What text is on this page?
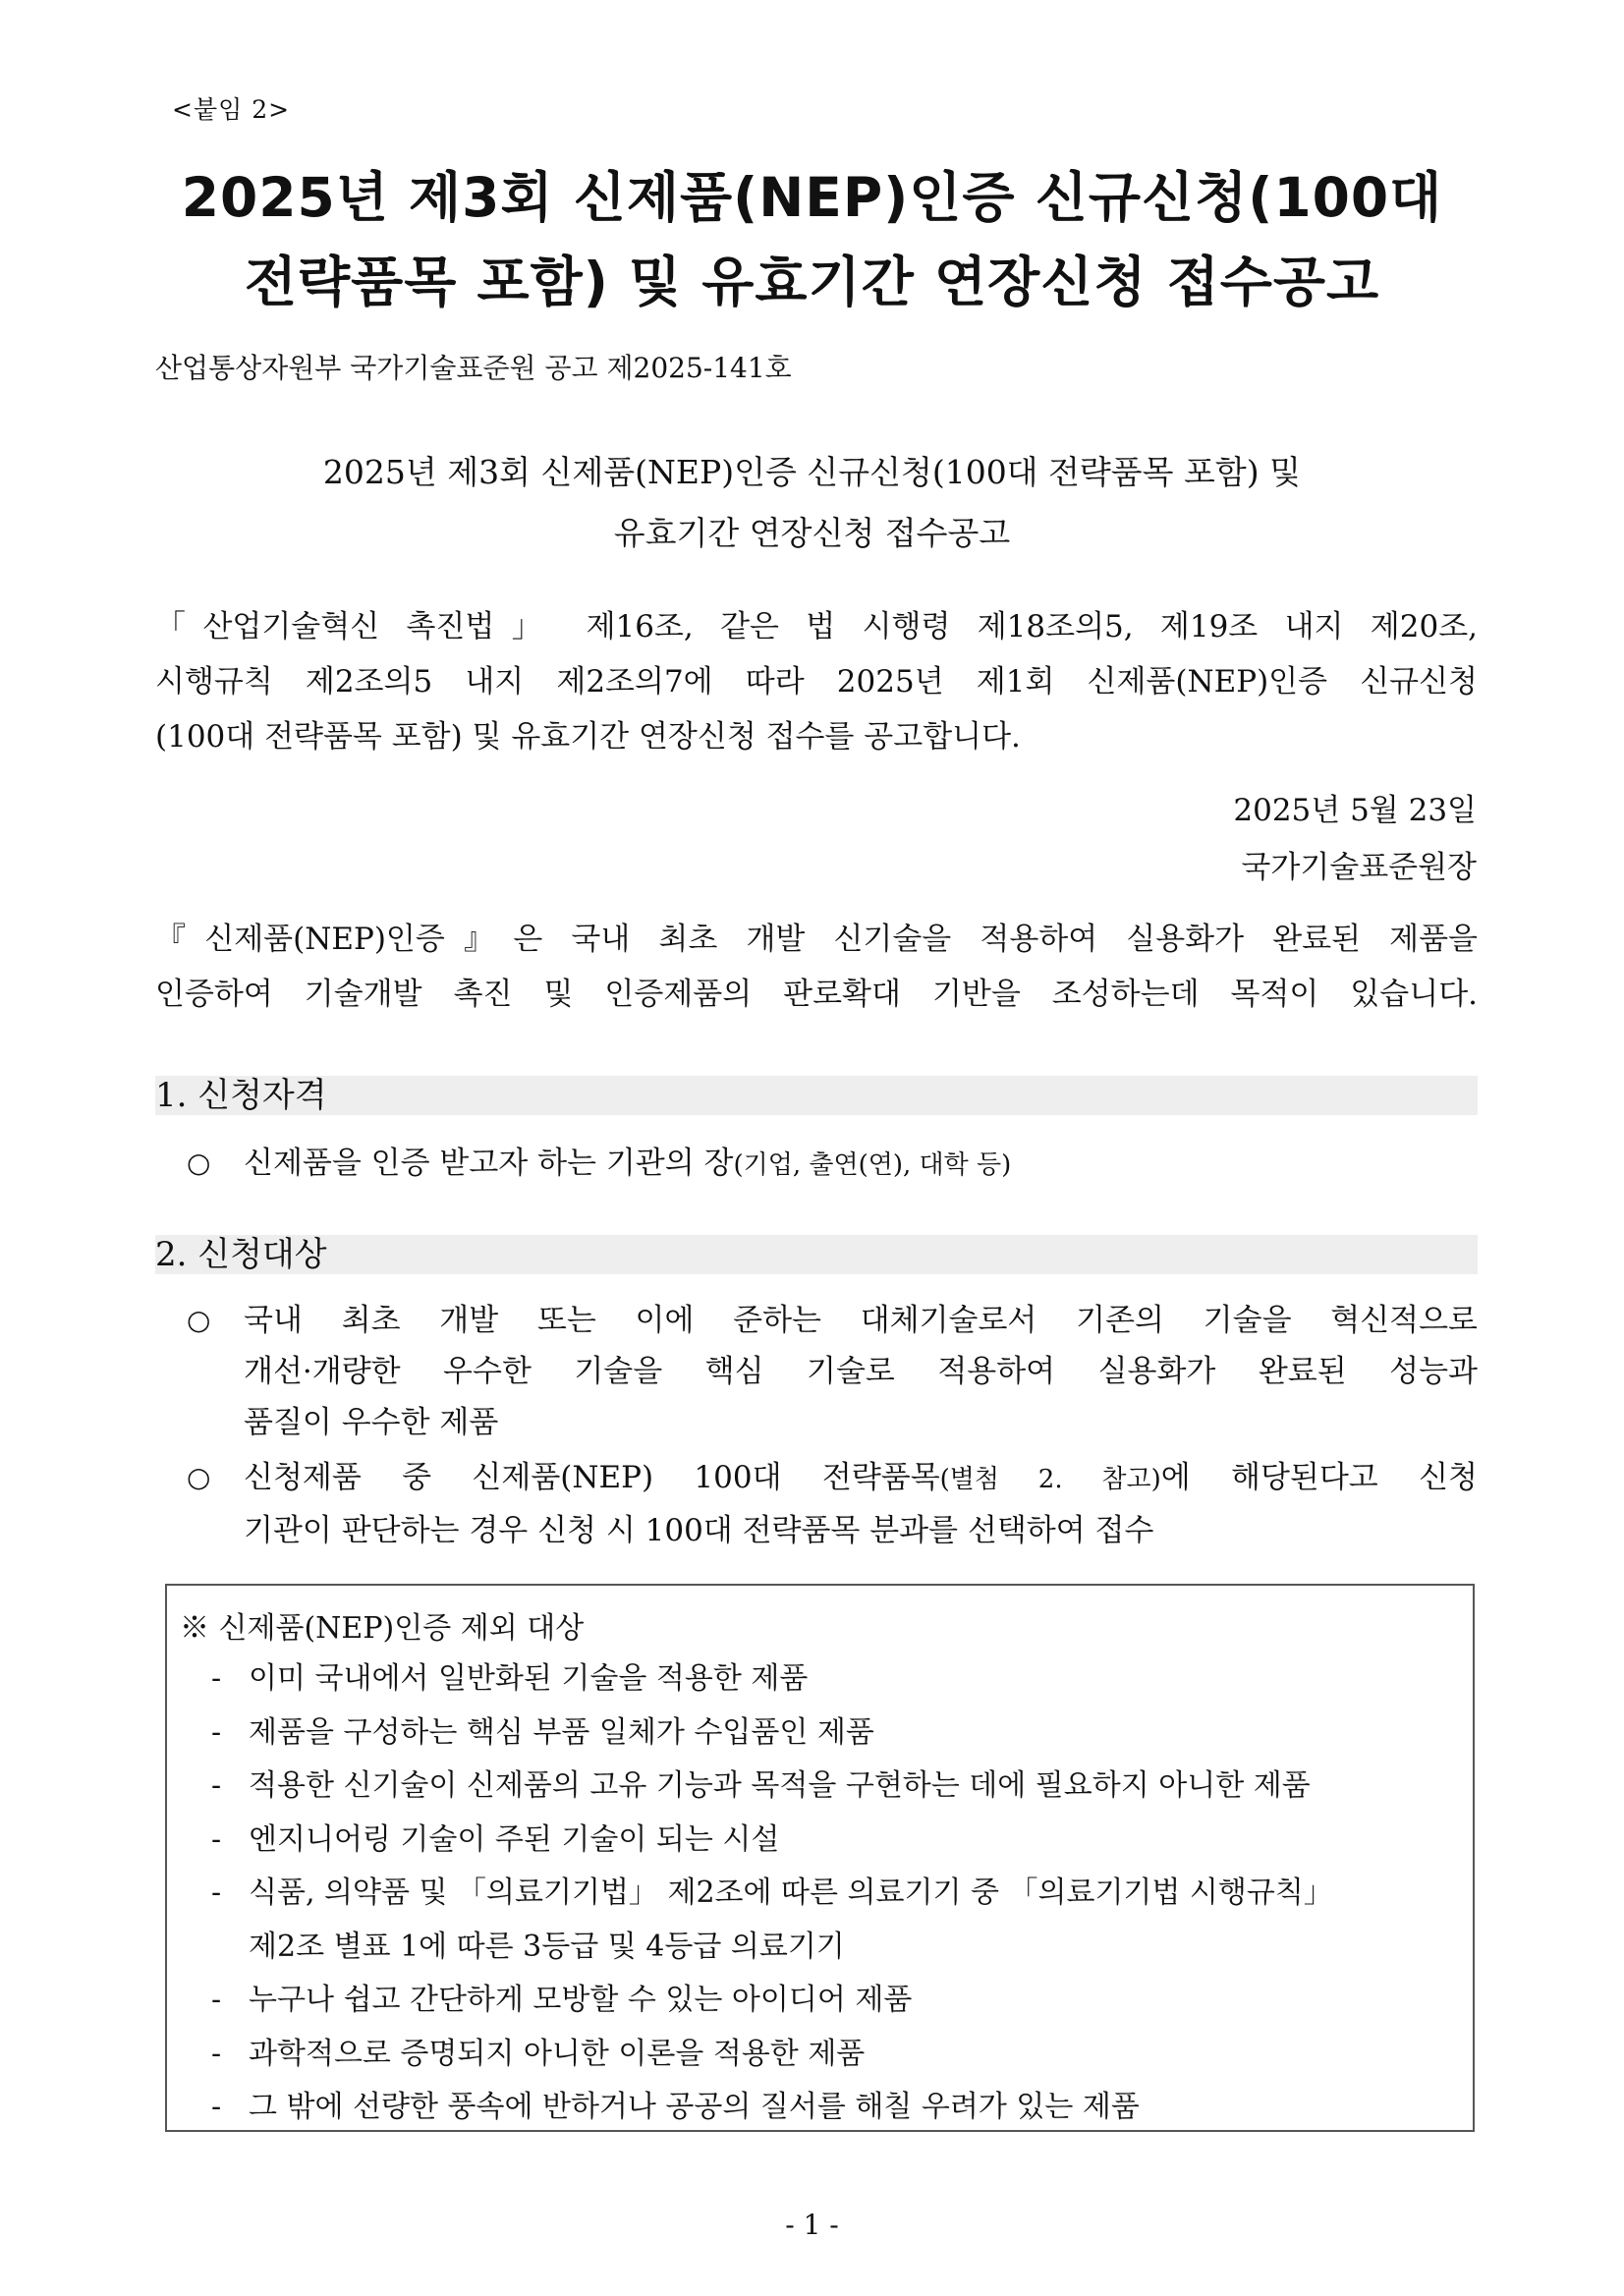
<붙임 2>
2025년 제3회 신제품(NEP)인증 신규신청(100대
전략품목 포함) 및 유효기간 연장신청 접수공고
산업통상자원부 국가기술표준원 공고 제2025-141호
2025년 제3회 신제품(NEP)인증 신규신청(100대 전략품목 포함) 및
유효기간 연장신청 접수공고
「산업기술혁신 촉진법」 제16조, 같은 법 시행령 제18조의5, 제19조 내지 제20조,
시행규칙 제2조의5 내지 제2조의7에 따라 2025년 제1회 신제품(NEP)인증 신규신청
(100대 전략품목 포함) 및 유효기간 연장신청 접수를 공고합니다.
2025년 5월 23일
국가기술표준원장
『신제품(NEP)인증』은 국내 최초 개발 신기술을 적용하여 실용화가 완료된 제품을
인증하여 기술개발 촉진 및 인증제품의 판로확대 기반을 조성하는데 목적이 있습니다.
1. 신청자격
○ 신제품을 인증 받고자 하는 기관의 장(기업, 출연(연), 대학 등)
2. 신청대상
○ 국내 최초 개발 또는 이에 준하는 대체기술로서 기존의 기술을 혁신적으로
개선·개량한 우수한 기술을 핵심 기술로 적용하여 실용화가 완료된 성능과
품질이 우수한 제품
○ 신청제품 중 신제품(NEP) 100대 전략품목(별첨 2. 참고)에 해당된다고 신청
기관이 판단하는 경우 신청 시 100대 전략품목 분과를 선택하여 접수
※ 신제품(NEP)인증 제외 대상
- 이미 국내에서 일반화된 기술을 적용한 제품
- 제품을 구성하는 핵심 부품 일체가 수입품인 제품
- 적용한 신기술이 신제품의 고유 기능과 목적을 구현하는 데에 필요하지 아니한 제품
- 엔지니어링 기술이 주된 기술이 되는 시설
- 식품, 의약품 및 「의료기기법」 제2조에 따른 의료기기 중 「의료기기법 시행규칙」
제2조 별표 1에 따른 3등급 및 4등급 의료기기
- 누구나 쉽고 간단하게 모방할 수 있는 아이디어 제품
- 과학적으로 증명되지 아니한 이론을 적용한 제품
- 그 밖에 선량한 풍속에 반하거나 공공의 질서를 해칠 우려가 있는 제품
- 1 -
